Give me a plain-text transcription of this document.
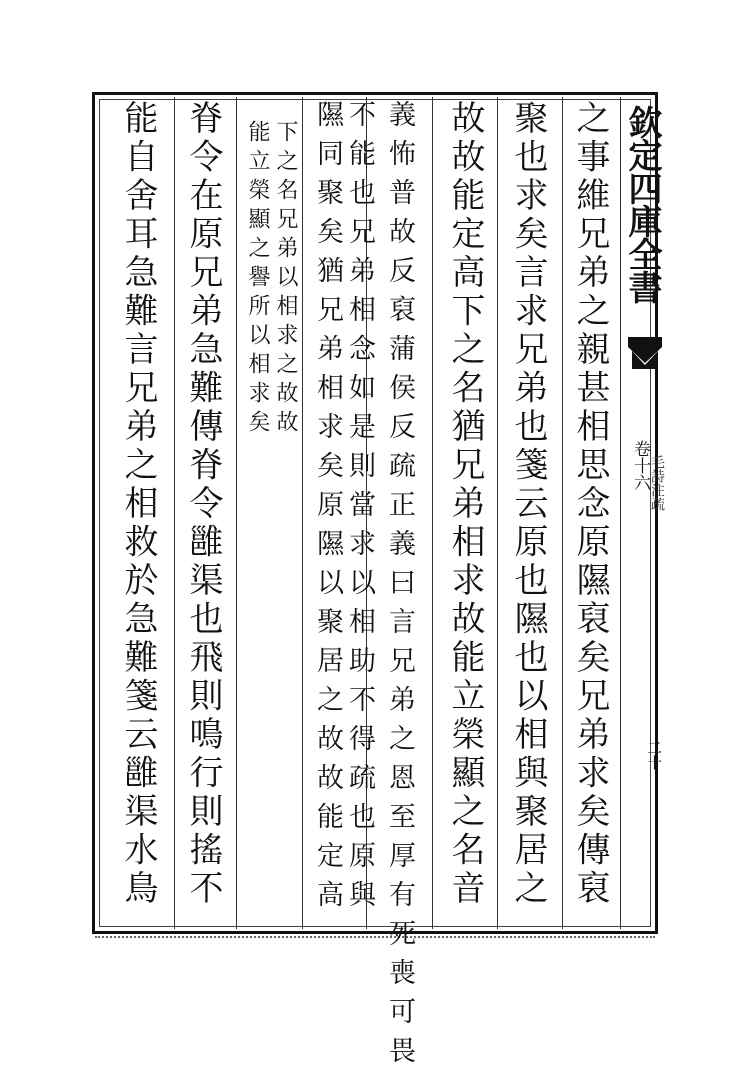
欽定四庫全書
毛詩注疏
卷十六
二十
之事維兄弟之親甚相思念原隰裒矣兄弟求矣傳裒
聚也求矣言求兄弟也箋云原也隰也以相與聚居之
故故能定高下之名猶兄弟相求故能立榮顯之名音
義怖普故反裒蒲侯反疏正義曰言兄弟之恩至厚有死喪可畏
不能也兄弟相念如是則當求以相助不得疏也原與
隰同聚矣猶兄弟相求矣原隰以聚居之故故能定高
下之名兄弟以相求之故故
能立榮顯之譽所以相求矣
脊令在原兄弟急難傳脊令雝渠也飛則鳴行則搖不
能自舍耳急難言兄弟之相救於急難箋云雝渠水鳥
